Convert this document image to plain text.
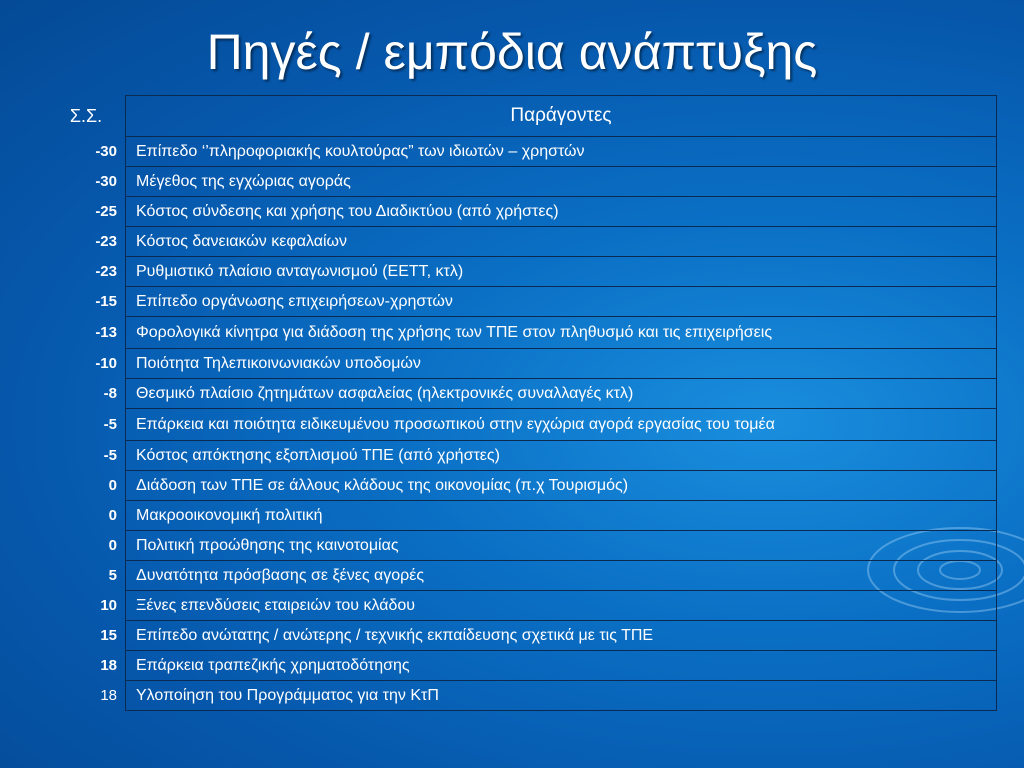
Πηγές / εμπόδια ανάπτυξης
Σ.Σ.	Παράγοντες
-30	Επίπεδο ‘’πληροφοριακής κουλτούρας” των ιδιωτών – χρηστών
-30	Μέγεθος της εγχώριας αγοράς
-25	Κόστος σύνδεσης και χρήσης του Διαδικτύου (από χρήστες)
-23	Κόστος δανειακών κεφαλαίων
-23	Ρυθμιστικό πλαίσιο ανταγωνισμού (ΕΕΤΤ, κτλ)
-15	Επίπεδο οργάνωσης επιχειρήσεων-χρηστών
-13	Φορολογικά κίνητρα για διάδοση της χρήσης των ΤΠΕ στον πληθυσμό και τις επιχειρήσεις
-10	Ποιότητα Τηλεπικοινωνιακών υποδομών
-8	Θεσμικό πλαίσιο ζητημάτων ασφαλείας (ηλεκτρονικές συναλλαγές κτλ)
-5	Επάρκεια και ποιότητα ειδικευμένου προσωπικού στην εγχώρια αγορά εργασίας του τομέα
-5	Κόστος απόκτησης εξοπλισμού ΤΠΕ (από χρήστες)
0	Διάδοση των ΤΠΕ σε άλλους κλάδους της οικονομίας (π.χ Τουρισμός)
0	Μακροοικονομική πολιτική
0	Πολιτική προώθησης της καινοτομίας
5	Δυνατότητα πρόσβασης σε ξένες αγορές
10	Ξένες επενδύσεις εταιρειών του κλάδου
15	Επίπεδο ανώτατης / ανώτερης / τεχνικής εκπαίδευσης σχετικά με τις ΤΠΕ
18	Επάρκεια τραπεζικής χρηματοδότησης
18	Υλοποίηση του Προγράμματος για την ΚτΠ
